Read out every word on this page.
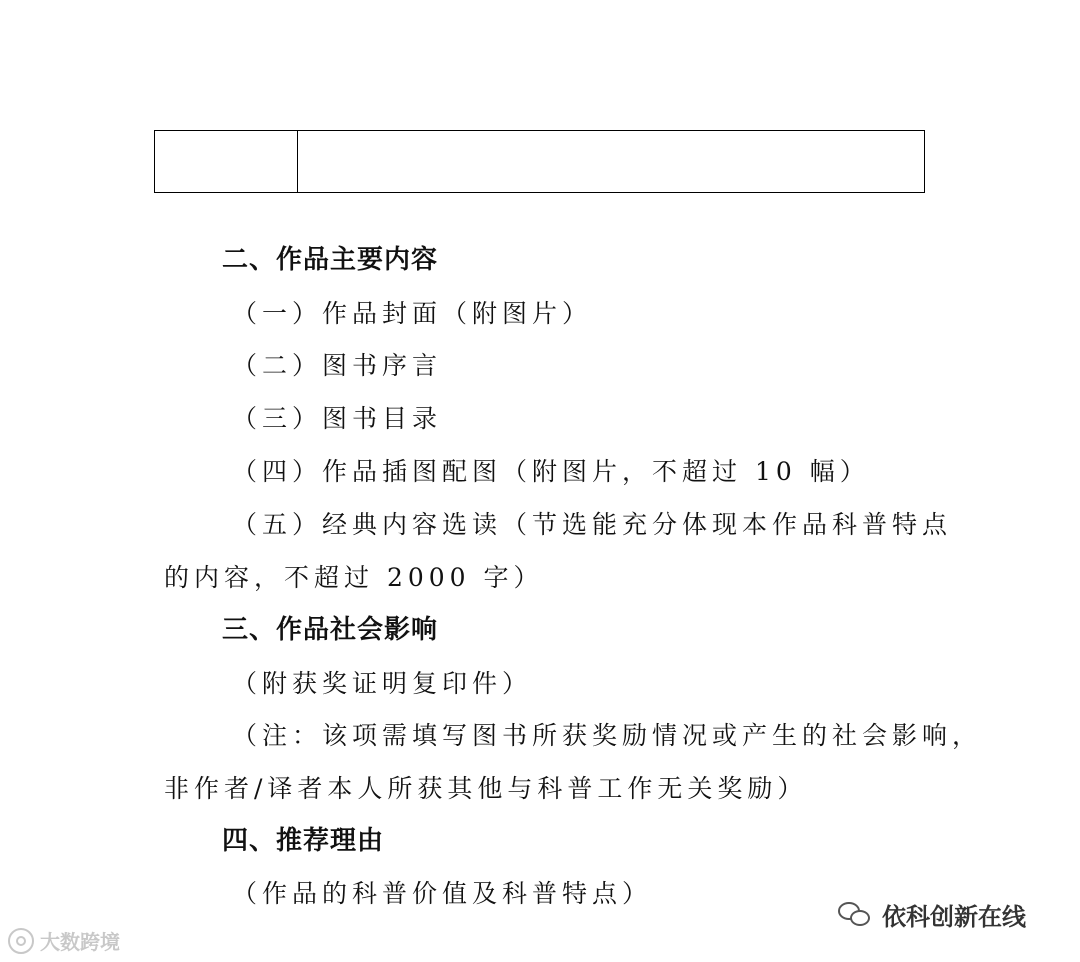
二、作品主要内容
（一）作品封面（附图片）
（二）图书序言
（三）图书目录
（四）作品插图配图（附图片，不超过 10 幅）
（五）经典内容选读（节选能充分体现本作品科普特点
的内容，不超过 2000 字）
三、作品社会影响
（附获奖证明复印件）
（注：该项需填写图书所获奖励情况或产生的社会影响，
非作者/译者本人所获其他与科普工作无关奖励）
四、推荐理由
（作品的科普价值及科普特点）
大数跨境
依科创新在线
